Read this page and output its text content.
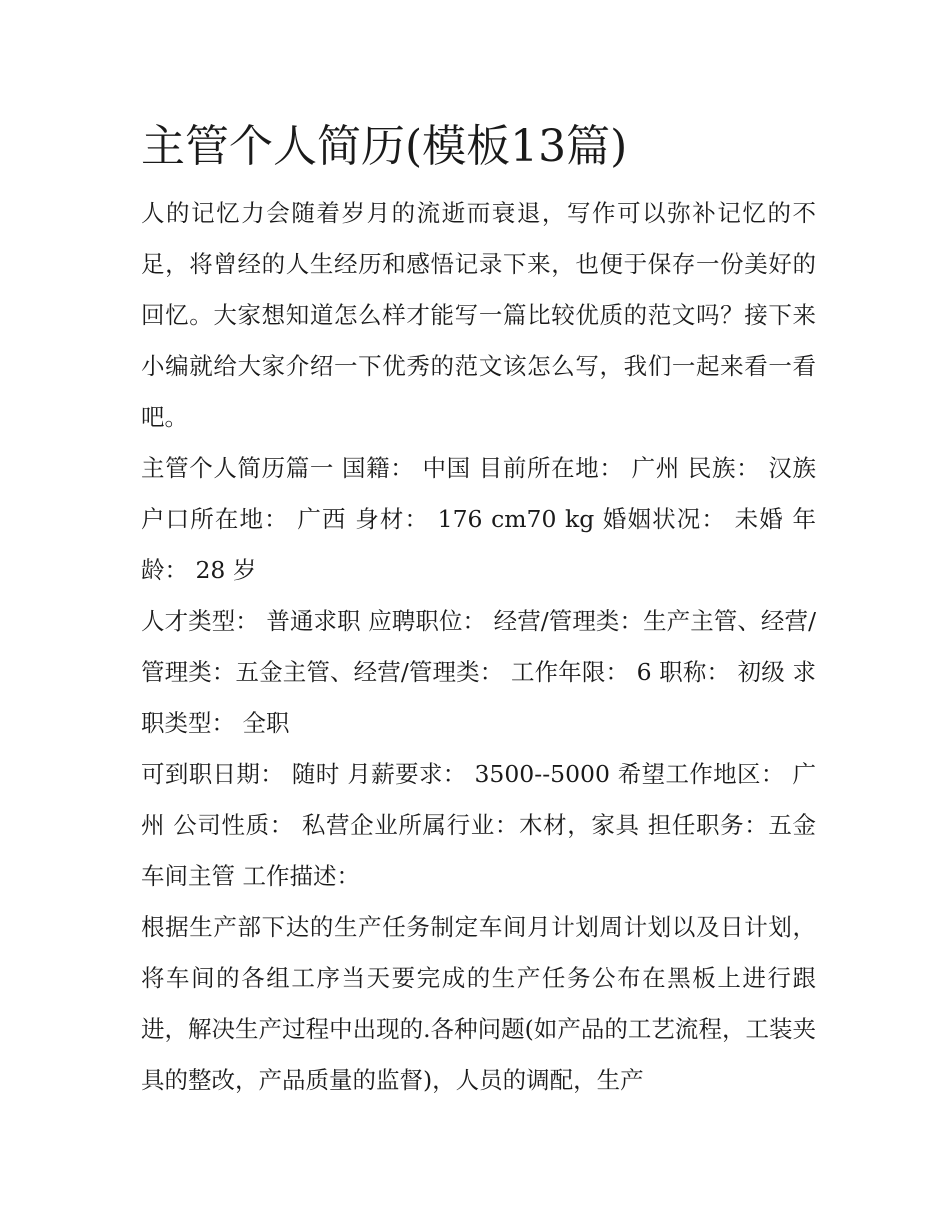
主管个人简历(模板13篇)

人的记忆力会随着岁月的流逝而衰退，写作可以弥补记忆的不足，将曾经的人生经历和感悟记录下来，也便于保存一份美好的回忆。大家想知道怎么样才能写一篇比较优质的范文吗？接下来小编就给大家介绍一下优秀的范文该怎么写，我们一起来看一看吧。

主管个人简历篇一 国籍： 中国 目前所在地： 广州 民族： 汉族 户口所在地： 广西 身材： 176 cm70 kg 婚姻状况： 未婚 年龄： 28 岁

人才类型： 普通求职 应聘职位： 经营/管理类：生产主管、经营/管理类：五金主管、经营/管理类： 工作年限： 6 职称： 初级 求职类型： 全职

可到职日期： 随时 月薪要求： 3500--5000 希望工作地区： 广州 公司性质： 私营企业所属行业：木材，家具 担任职务：五金车间主管 工作描述：

根据生产部下达的生产任务制定车间月计划周计划以及日计划，将车间的各组工序当天要完成的生产任务公布在黑板上进行跟进，解决生产过程中出现的.各种问题(如产品的工艺流程，工装夹具的整改，产品质量的监督)，人员的调配，生产
